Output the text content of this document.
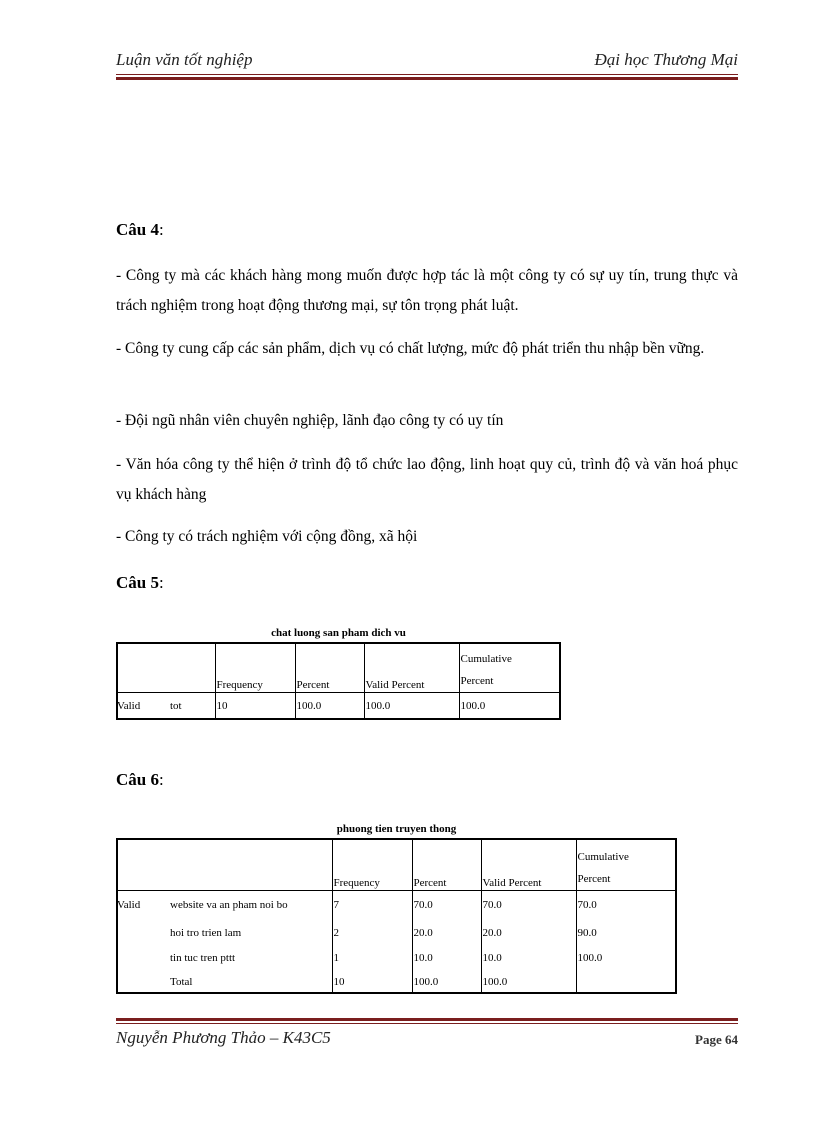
Luận văn tốt nghiệp	Đại học Thương Mại
Câu 4:
- Công ty mà các khách hàng mong muốn được hợp tác là một công ty có sự uy tín, trung thực và trách nghiệm trong hoạt động thương mại, sự tôn trọng phát luật.
- Công ty cung cấp các sản phẩm, dịch vụ có chất lượng, mức độ phát triển thu nhập bền vững.
- Đội ngũ nhân viên chuyên nghiệp, lãnh đạo công ty có uy tín
- Văn hóa công ty thể hiện ở trình độ tổ chức lao động, linh hoạt quy củ, trình độ và văn hoá phục vụ khách hàng
- Công ty có trách nghiệm với cộng đồng, xã hội
Câu 5:
chat luong san pham dich vu
		Frequency	Percent	Valid Percent	Cumulative
Percent

Valid	tot	10	100.0	100.0	100.0
Câu 6:
phuong tien truyen thong
		Frequency	Percent	Valid Percent	Cumulative
Percent

Valid	website va an pham noi bo	7	70.0	70.0	70.0
	hoi tro trien lam	2	20.0	20.0	90.0
	tin tuc tren pttt	1	10.0	10.0	100.0
	Total	10	100.0	100.0	
Nguyễn Phương Thảo – K43C5	Page 64
